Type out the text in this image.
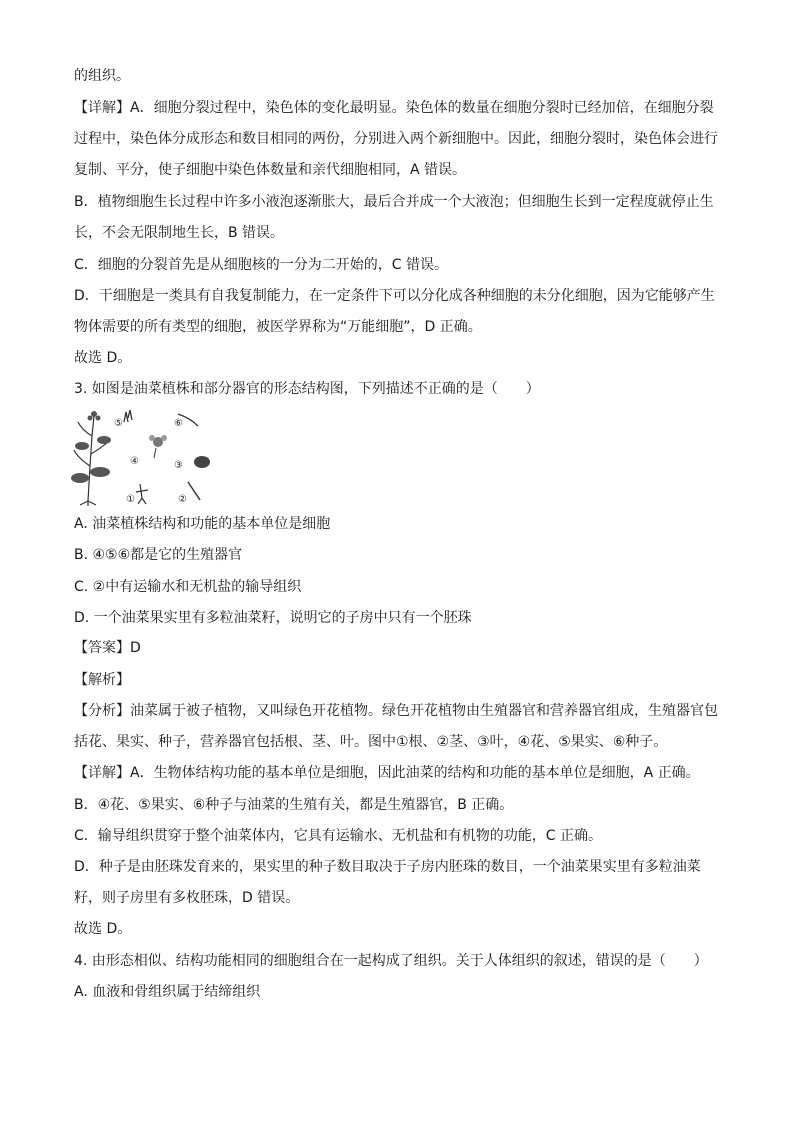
的组织。
【详解】A．细胞分裂过程中，染色体的变化最明显。染色体的数量在细胞分裂时已经加倍，在细胞分裂
过程中，染色体分成形态和数目相同的两份，分别进入两个新细胞中。因此，细胞分裂时，染色体会进行
复制、平分，使子细胞中染色体数量和亲代细胞相同，A 错误。
B．植物细胞生长过程中许多小液泡逐渐胀大，最后合并成一个大液泡；但细胞生长到一定程度就停止生
长，不会无限制地生长，B 错误。
C．细胞的分裂首先是从细胞核的一分为二开始的，C 错误。
D．干细胞是一类具有自我复制能力，在一定条件下可以分化成各种细胞的未分化细胞，因为它能够产生
物体需要的所有类型的细胞，被医学界称为“万能细胞”，D 正确。
故选 D。
3. 如图是油菜植株和部分器官的形态结构图，下列描述不正确的是（　　）
⑤	⑥
④	③
①	②
A. 油菜植株结构和功能的基本单位是细胞
B. ④⑤⑥都是它的生殖器官
C. ②中有运输水和无机盐的输导组织
D. 一个油菜果实里有多粒油菜籽，说明它的子房中只有一个胚珠
【答案】D
【解析】
【分析】油菜属于被子植物，又叫绿色开花植物。绿色开花植物由生殖器官和营养器官组成，生殖器官包
括花、果实、种子，营养器官包括根、茎、叶。图中①根、②茎、③叶，④花、⑤果实、⑥种子。
【详解】A．生物体结构功能的基本单位是细胞，因此油菜的结构和功能的基本单位是细胞，A 正确。
B．④花、⑤果实、⑥种子与油菜的生殖有关，都是生殖器官，B 正确。
C．输导组织贯穿于整个油菜体内，它具有运输水、无机盐和有机物的功能，C 正确。
D．种子是由胚珠发育来的，果实里的种子数目取决于子房内胚珠的数目，一个油菜果实里有多粒油菜
籽，则子房里有多枚胚珠，D 错误。
故选 D。
4. 由形态相似、结构功能相同的细胞组合在一起构成了组织。关于人体组织的叙述，错误的是（　　）
A. 血液和骨组织属于结缔组织
